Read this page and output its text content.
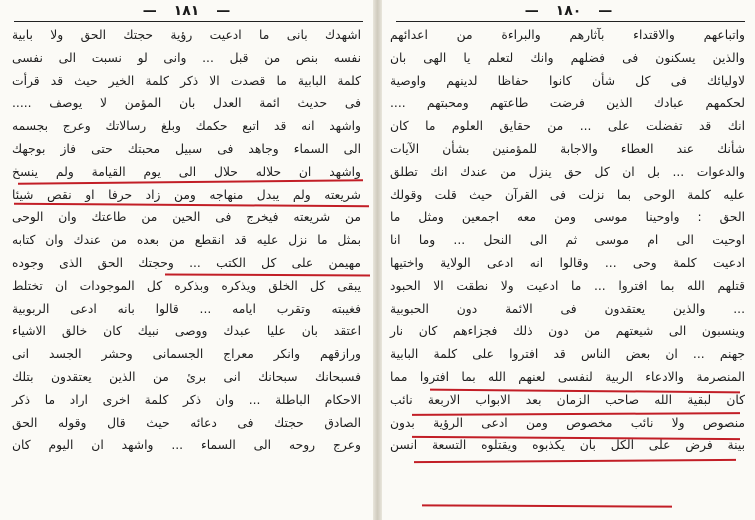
— ١٨١ —
اشهدك بانى ما ادعيت رؤية حجتك الحق ولا بابية
نفسه بنص من قبل ... وانى لو نسبت الى نفسى
كلمة البابية ما قصدت الا ذكر كلمة الخير حيث قد قرأت
فى حديث ائمة العدل بان المؤمن لا يوصف .....
واشهد انه قد اتبع حكمك وبلغ رسالاتك وعرج بجسمه
الى السماء وجاهد فى سبيل محبتك حتى فاز بوجهك
واشهد ان حلاله حلال الى يوم القيامة ولم ينسخ
شريعته ولم يبدل منهاجه ومن زاد حرفا او نقص شيئا
من شريعته فيخرج فى الحين من طاعتك وان الوحى
بمثل ما نزل عليه قد انقطع من بعده من عندك وان كتابه
مهيمن على كل الكتب ... وحجتك الحق الذى وجوده
يبقى كل الخلق ويذكره وبذكره كل الموجودات ان تختلط
فغيبته وتقرب ايامه ... قالوا بانه ادعى الربوبية
اعتقد بان عليا عبدك ووصى نبيك كان خالق الاشياء
ورازقهم وانكر معراج الجسمانى وحشر الجسد انى
فسبحانك سبحانك انى برئ من الذين يعتقدون بتلك
الاحكام الباطلة ... وان ذكر كلمة اخرى اراد ما ذكر
الصادق حجتك فى دعائه حيث قال وقوله الحق
وعرج روحه الى السماء ... واشهد ان اليوم كان
— ١٨٠ —
واتباعهم والاقتداء بآثارهم والبراءة من اعدائهم
والذين يسكنون فى فضلهم وانك لتعلم يا الهى بان
لاوليائك فى كل شأن كانوا حفاظا لدينهم واوصية
لحكمهم عبادك الذين فرضت طاعتهم ومحبتهم ....
انك قد تفضلت على ... من حقايق العلوم ما كان
شأنك عند العطاء والاجابة للمؤمنين بشأن الآيات
والدعوات ... بل ان كل حق ينزل من عندك انك تطلق
عليه كلمة الوحى بما نزلت فى القرآن حيث قلت وقولك
الحق : واوحينا موسى ومن معه اجمعين ومثل ما
اوحيت الى ام موسى ثم الى النحل ... وما انا
ادعيت كلمة وحى ... وقالوا انه ادعى الولاية واختيها
قتلهم الله بما افتروا ... ما ادعيت ولا نطقت الا الحبود
... والذين يعتقدون فى الائمة دون الحبوبية
وينسبون الى شيعتهم من دون ذلك فجزاءهم كان نار
جهنم ... ان بعض الناس قد افتروا على كلمة البابية
المنصرمة والادعاء الربية لنفسى لعنهم الله بما افتروا مما
كان لبقية الله صاحب الزمان بعد الابواب الاربعة نائب
منصوص ولا نائب مخصوص ومن ادعى الرؤية بدون
بينة فرض على الكل بان يكذبوه ويقتلوه التسعة انسن
